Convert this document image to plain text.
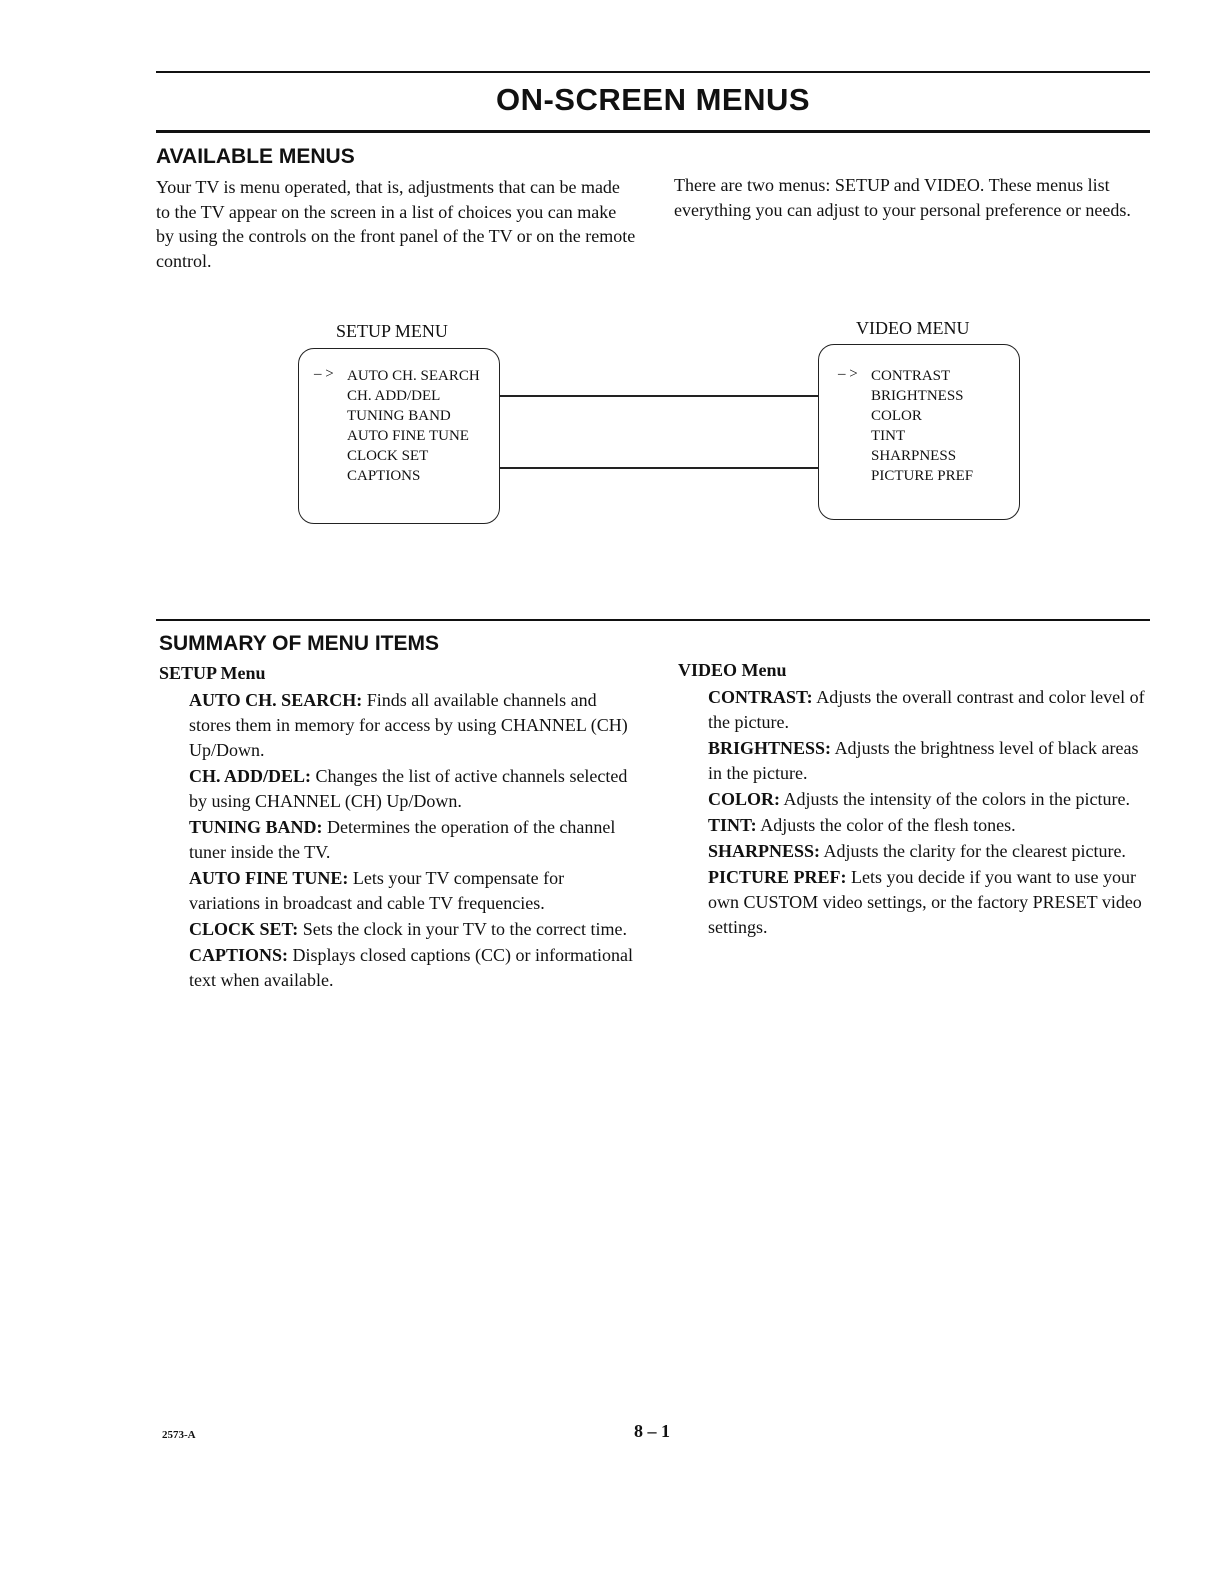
ON-SCREEN MENUS
AVAILABLE MENUS
Your TV is menu operated, that is, adjustments that can be made to the TV appear on the screen in a list of choices you can make by using the controls on the front panel of the TV or on the remote control.
There are two menus: SETUP and VIDEO. These menus list everything you can adjust to your personal preference or needs.
SETUP MENU	VIDEO MENU
– > AUTO CH. SEARCH
CH. ADD/DEL
TUNING BAND
AUTO FINE TUNE
CLOCK SET
CAPTIONS
– > CONTRAST
BRIGHTNESS
COLOR
TINT
SHARPNESS
PICTURE PREF
SUMMARY OF MENU ITEMS
SETUP Menu	VIDEO Menu
AUTO CH. SEARCH: Finds all available channels and stores them in memory for access by using CHANNEL (CH) Up/Down.
CH. ADD/DEL: Changes the list of active channels selected by using CHANNEL (CH) Up/Down.
TUNING BAND: Determines the operation of the channel tuner inside the TV.
AUTO FINE TUNE: Lets your TV compensate for variations in broadcast and cable TV frequencies.
CLOCK SET: Sets the clock in your TV to the correct time.
CAPTIONS: Displays closed captions (CC) or informational text when available.
CONTRAST: Adjusts the overall contrast and color level of the picture.
BRIGHTNESS: Adjusts the brightness level of black areas in the picture.
COLOR: Adjusts the intensity of the colors in the picture.
TINT: Adjusts the color of the flesh tones.
SHARPNESS: Adjusts the clarity for the clearest picture.
PICTURE PREF: Lets you decide if you want to use your own CUSTOM video settings, or the factory PRESET video settings.
2573-A	8 – 1
